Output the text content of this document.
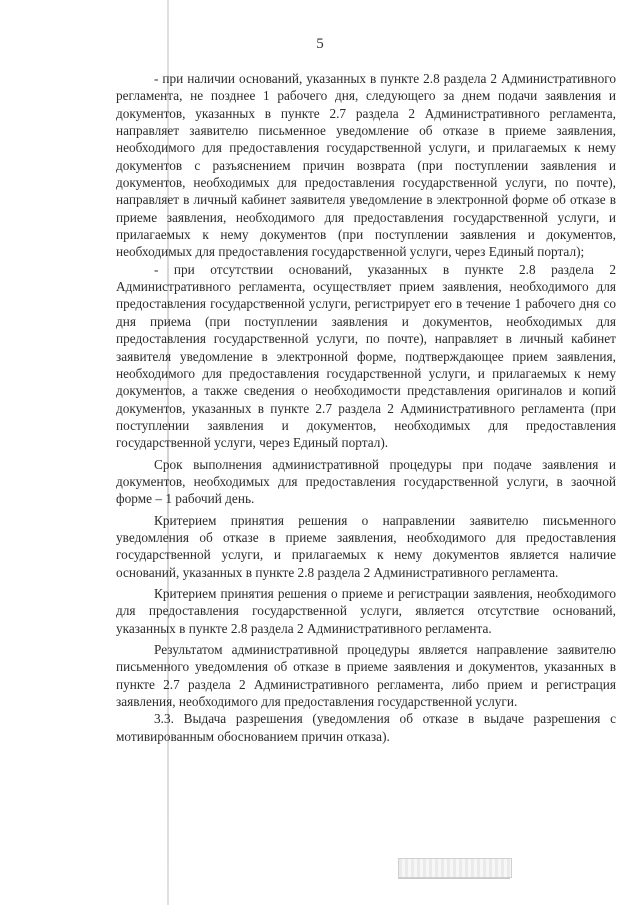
5

- при наличии оснований, указанных в пункте 2.8 раздела 2 Административного регламента, не позднее 1 рабочего дня, следующего за днем подачи заявления и документов, указанных в пункте 2.7 раздела 2 Административного регламента, направляет заявителю письменное уведомление об отказе в приеме заявления, необходимого для предоставления государственной услуги, и прилагаемых к нему документов с разъяснением причин возврата (при поступлении заявления и документов, необходимых для предоставления государственной услуги, по почте), направляет в личный кабинет заявителя уведомление в электронной форме об отказе в приеме заявления, необходимого для предоставления государственной услуги, и прилагаемых к нему документов (при поступлении заявления и документов, необходимых для предоставления государственной услуги, через Единый портал);

- при отсутствии оснований, указанных в пункте 2.8 раздела 2 Административного регламента, осуществляет прием заявления, необходимого для предоставления государственной услуги, регистрирует его в течение 1 рабочего дня со дня приема (при поступлении заявления и документов, необходимых для предоставления государственной услуги, по почте), направляет в личный кабинет заявителя уведомление в электронной форме, подтверждающее прием заявления, необходимого для предоставления государственной услуги, и прилагаемых к нему документов, а также сведения о необходимости представления оригиналов и копий документов, указанных в пункте 2.7 раздела 2 Административного регламента (при поступлении заявления и документов, необходимых для предоставления государственной услуги, через Единый портал).

Срок выполнения административной процедуры при подаче заявления и документов, необходимых для предоставления государственной услуги, в заочной форме – 1 рабочий день.

Критерием принятия решения о направлении заявителю письменного уведомления об отказе в приеме заявления, необходимого для предоставления государственной услуги, и прилагаемых к нему документов является наличие оснований, указанных в пункте 2.8 раздела 2 Административного регламента.

Критерием принятия решения о приеме и регистрации заявления, необходимого для предоставления государственной услуги, является отсутствие оснований, указанных в пункте 2.8 раздела 2 Административного регламента.

Результатом административной процедуры является направление заявителю письменного уведомления об отказе в приеме заявления и документов, указанных в пункте 2.7 раздела 2 Административного регламента, либо прием и регистрация заявления, необходимого для предоставления государственной услуги.

3.3. Выдача разрешения (уведомления об отказе в выдаче разрешения с мотивированным обоснованием причин отказа).
